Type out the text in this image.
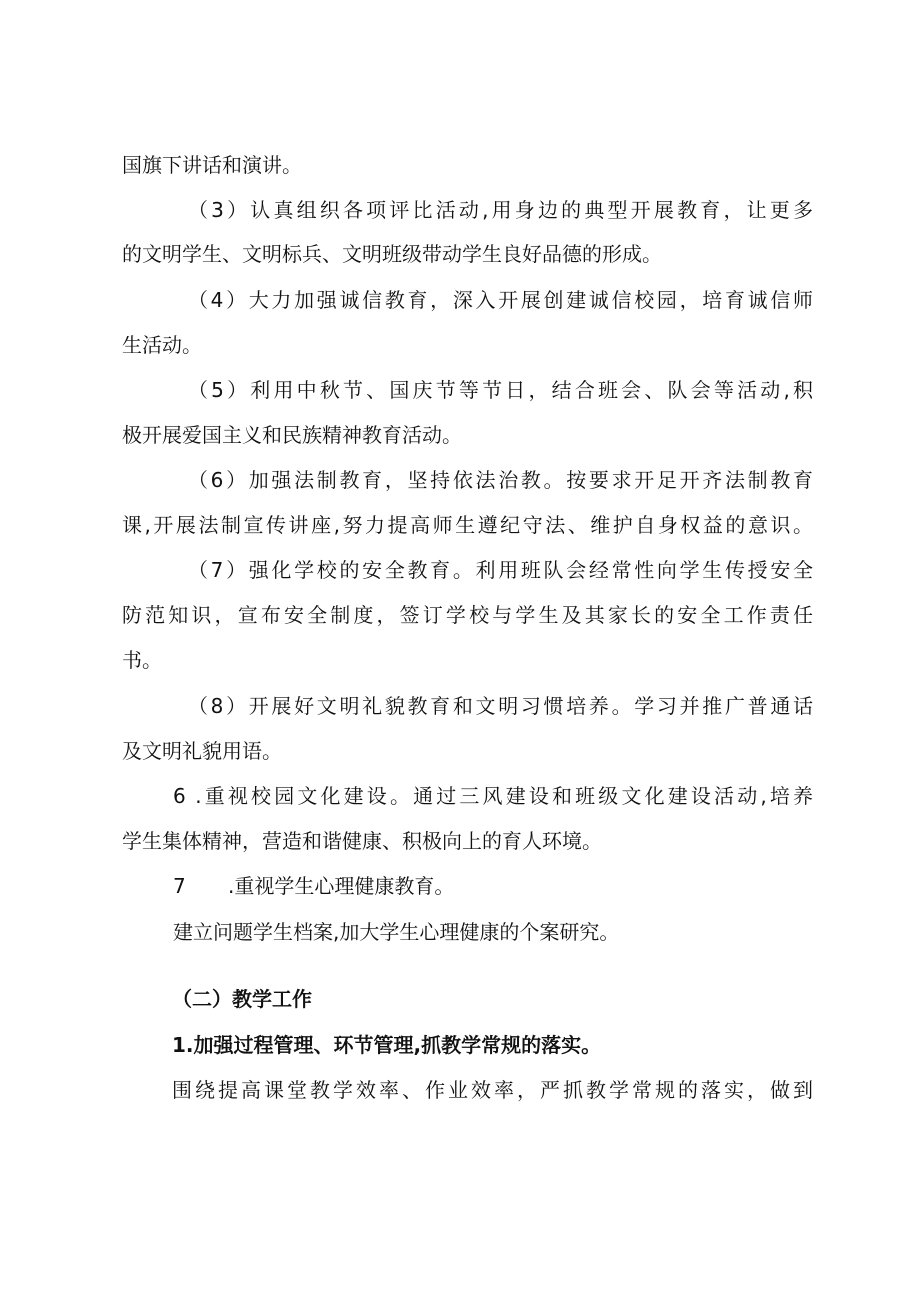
国旗下讲话和演讲。
（3）认真组织各项评比活动,用身边的典型开展教育，让更多
的文明学生、文明标兵、文明班级带动学生良好品德的形成。
（4）大力加强诚信教育，深入开展创建诚信校园，培育诚信师
生活动。
（5）利用中秋节、国庆节等节日，结合班会、队会等活动,积
极开展爱国主义和民族精神教育活动。
（6）加强法制教育，坚持依法治教。按要求开足开齐法制教育
课,开展法制宣传讲座,努力提高师生遵纪守法、维护自身权益的意识。
（7）强化学校的安全教育。利用班队会经常性向学生传授安全
防范知识，宣布安全制度，签订学校与学生及其家长的安全工作责任
书。
（8）开展好文明礼貌教育和文明习惯培养。学习并推广普通话
及文明礼貌用语。
6 .重视校园文化建设。通过三风建设和班级文化建设活动,培养
学生集体精神，营造和谐健康、积极向上的育人环境。
7 .重视学生心理健康教育。
建立问题学生档案,加大学生心理健康的个案研究。
（二）教学工作
1.加强过程管理、环节管理,抓教学常规的落实。
围绕提高课堂教学效率、作业效率，严抓教学常规的落实，做到
